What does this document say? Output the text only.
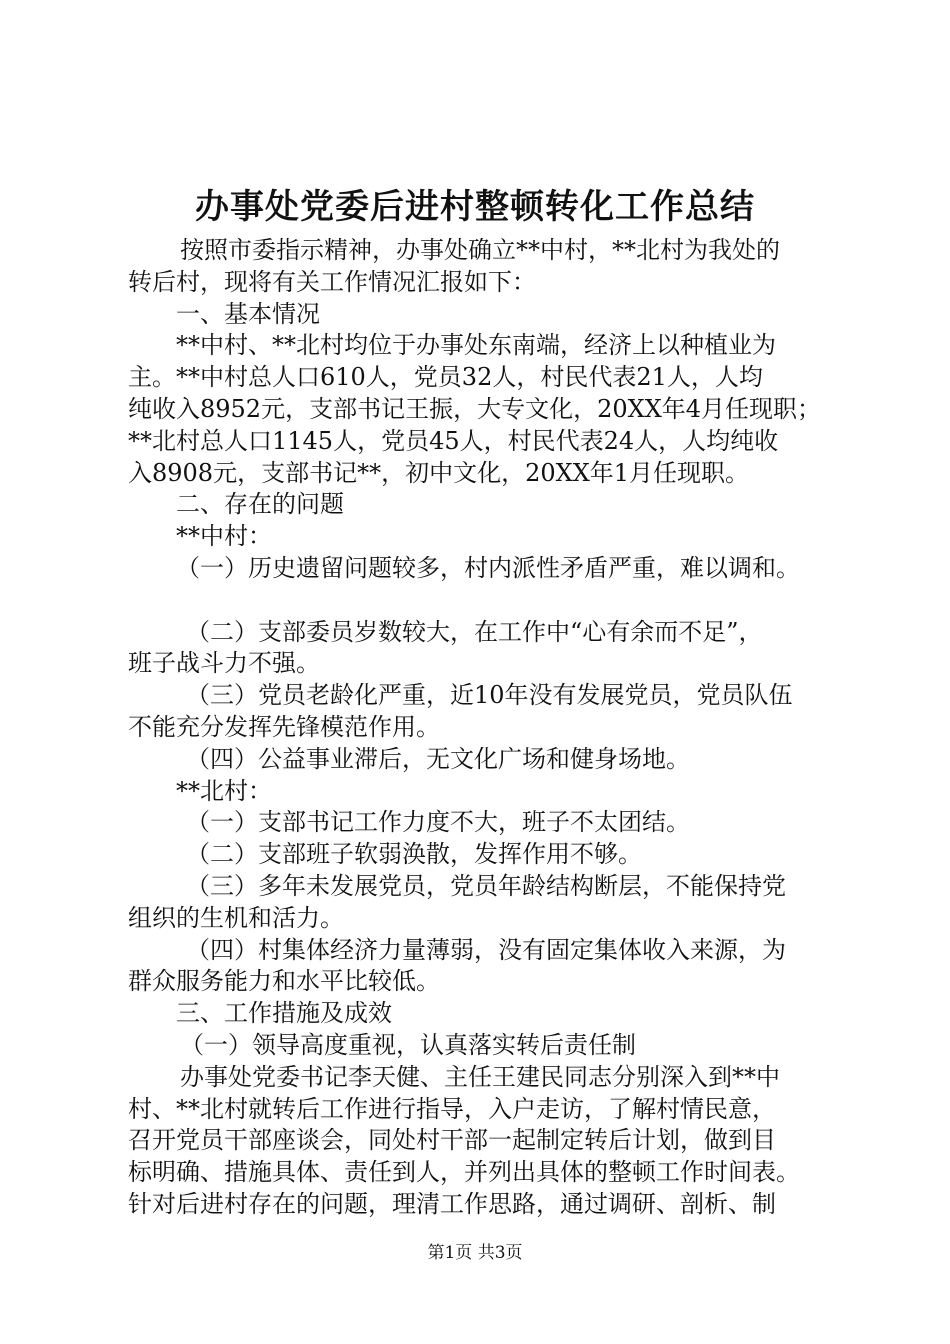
办事处党委后进村整顿转化工作总结

按照市委指示精神，办事处确立**中村，**北村为我处的

转后村，现将有关工作情况汇报如下：

一、基本情况

**中村、**北村均位于办事处东南端，经济上以种植业为

主。**中村总人口610人，党员32人，村民代表21人，人均

纯收入8952元，支部书记王振，大专文化，20XX年4月任现职；

**北村总人口1145人，党员45人，村民代表24人，人均纯收

入8908元，支部书记**，初中文化，20XX年1月任现职。

二、存在的问题

**中村：

（一）历史遗留问题较多，村内派性矛盾严重，难以调和。

（二）支部委员岁数较大，在工作中“心有余而不足”，

班子战斗力不强。

（三）党员老龄化严重，近10年没有发展党员，党员队伍

不能充分发挥先锋模范作用。

（四）公益事业滞后，无文化广场和健身场地。

**北村：

（一）支部书记工作力度不大，班子不太团结。

（二）支部班子软弱涣散，发挥作用不够。

（三）多年未发展党员，党员年龄结构断层，不能保持党

组织的生机和活力。

（四）村集体经济力量薄弱，没有固定集体收入来源，为

群众服务能力和水平比较低。

三、工作措施及成效

（一）领导高度重视，认真落实转后责任制

办事处党委书记李天健、主任王建民同志分别深入到**中

村、**北村就转后工作进行指导，入户走访，了解村情民意，

召开党员干部座谈会，同处村干部一起制定转后计划，做到目

标明确、措施具体、责任到人，并列出具体的整顿工作时间表。

针对后进村存在的问题，理清工作思路，通过调研、剖析、制

第1页 共3页
